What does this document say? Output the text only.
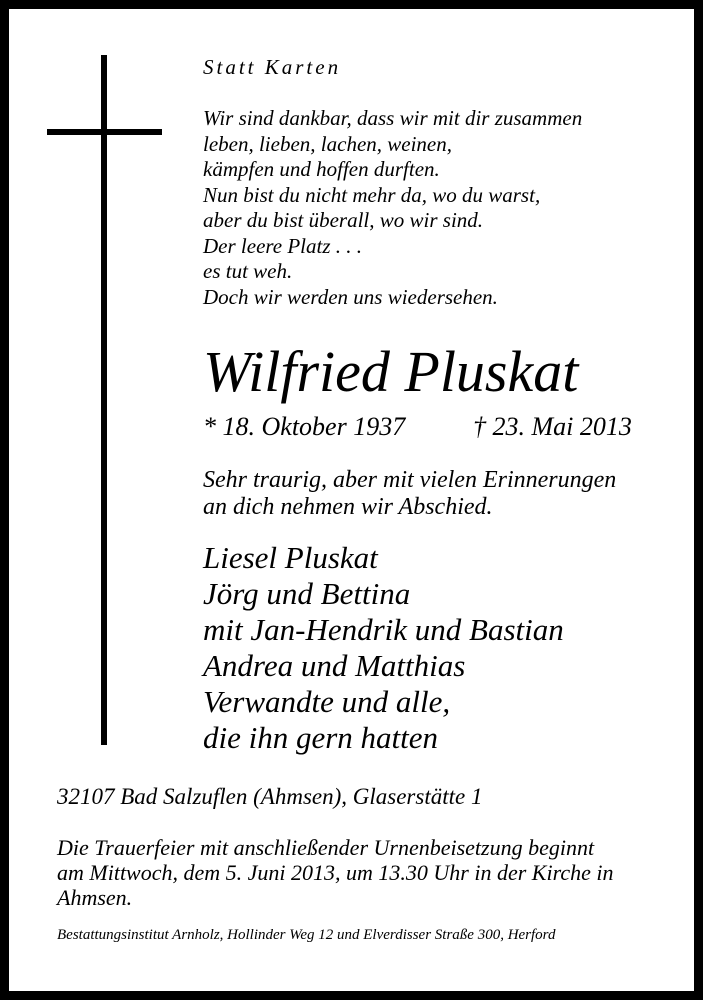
Statt Karten
Wir sind dankbar, dass wir mit dir zusammen
leben, lieben, lachen, weinen,
kämpfen und hoffen durften.
Nun bist du nicht mehr da, wo du warst,
aber du bist überall, wo wir sind.
Der leere Platz . . .
es tut weh.
Doch wir werden uns wiedersehen.
Wilfried Pluskat
* 18. Oktober 1937	† 23. Mai 2013
Sehr traurig, aber mit vielen Erinnerungen
an dich nehmen wir Abschied.
Liesel Pluskat
Jörg und Bettina
mit Jan-Hendrik und Bastian
Andrea und Matthias
Verwandte und alle,
die ihn gern hatten
32107 Bad Salzuflen (Ahmsen), Glaserstätte 1
Die Trauerfeier mit anschließender Urnenbeisetzung beginnt
am Mittwoch, dem 5. Juni 2013, um 13.30 Uhr in der Kirche in
Ahmsen.
Bestattungsinstitut Arnholz, Hollinder Weg 12 und Elverdisser Straße 300, Herford
